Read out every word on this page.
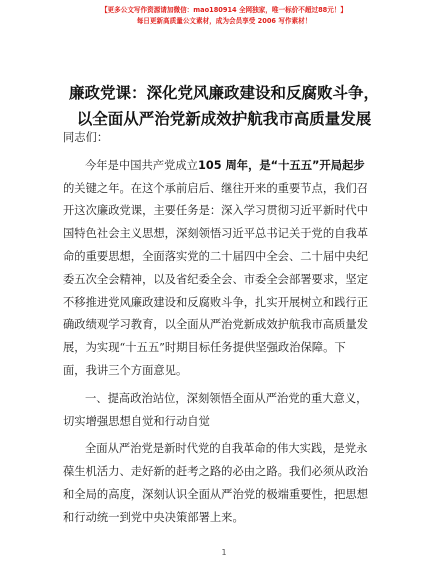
【更多公文写作资源请加微信：mao180914 全网独家，唯一标价不超过88元！】
每日更新高质量公文素材，成为会员享受 2006 写作素材！
廉政党课：深化党风廉政建设和反腐败斗争，
以全面从严治党新成效护航我市高质量发展
同志们：
今年是中国共产党成立105 周年，是“十五五”开局起步
的关键之年。在这个承前启后、继往开来的重要节点，我们召
开这次廉政党课，主要任务是：深入学习贯彻习近平新时代中
国特色社会主义思想，深刻领悟习近平总书记关于党的自我革
命的重要思想，全面落实党的二十届四中全会、二十届中央纪
委五次全会精神，以及省纪委全会、市委全会部署要求，坚定
不移推进党风廉政建设和反腐败斗争，扎实开展树立和践行正
确政绩观学习教育，以全面从严治党新成效护航我市高质量发
展，为实现“十五五”时期目标任务提供坚强政治保障。下
面，我讲三个方面意见。
一、提高政治站位，深刻领悟全面从严治党的重大意义，
切实增强思想自觉和行动自觉
全面从严治党是新时代党的自我革命的伟大实践，是党永
葆生机活力、走好新的赶考之路的必由之路。我们必须从政治
和全局的高度，深刻认识全面从严治党的极端重要性，把思想
和行动统一到党中央决策部署上来。
1
